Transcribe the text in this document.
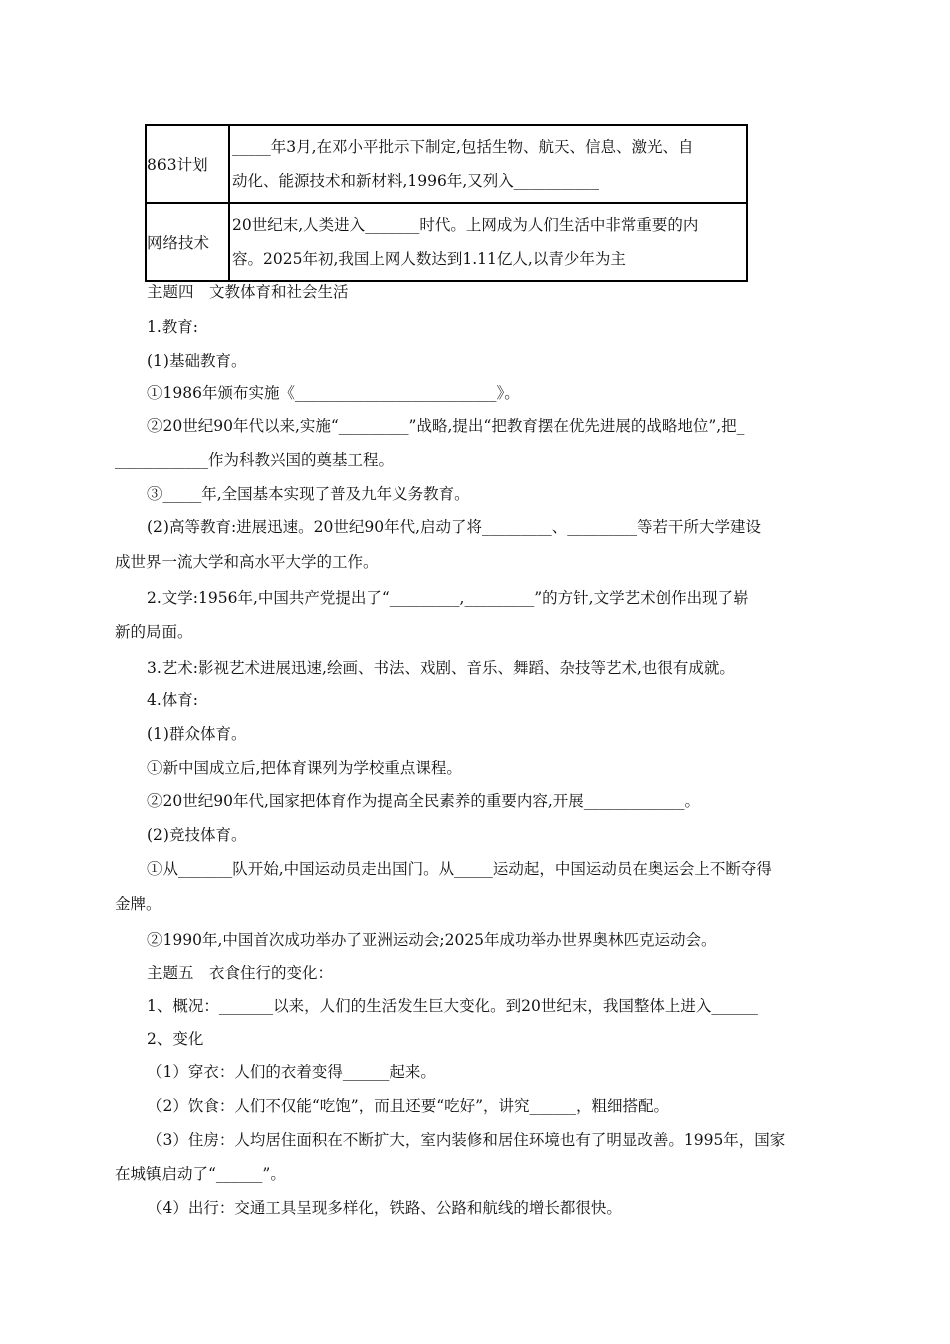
863计划	_____年3月,在邓小平批示下制定,包括生物、航天、信息、激光、自
动化、能源技术和新材料,1996年,又列入___________

网络技术	20世纪末,人类进入_______时代。上网成为人们生活中非常重要的内
容。2025年初,我国上网人数达到1.11亿人,以青少年为主
主题四　文教体育和社会生活
1.教育:
(1)基础教育。
①1986年颁布实施《__________________________》。
②20世纪90年代以来,实施“_________”战略,提出“把教育摆在优先进展的战略地位”,把_
____________作为科教兴国的奠基工程。
③_____年,全国基本实现了普及九年义务教育。
(2)高等教育:进展迅速。20世纪90年代,启动了将_________、_________等若干所大学建设
成世界一流大学和高水平大学的工作。
2.文学:1956年,中国共产党提出了“_________,_________”的方针,文学艺术创作出现了崭
新的局面。
3.艺术:影视艺术进展迅速,绘画、书法、戏剧、音乐、舞蹈、杂技等艺术,也很有成就。
4.体育:
(1)群众体育。
①新中国成立后,把体育课列为学校重点课程。
②20世纪90年代,国家把体育作为提高全民素养的重要内容,开展_____________。
(2)竞技体育。
①从_______队开始,中国运动员走出国门。从_____运动起，中国运动员在奥运会上不断夺得
金牌。
②1990年,中国首次成功举办了亚洲运动会;2025年成功举办世界奥林匹克运动会。
主题五　衣食住行的变化：
1、概况：_______以来，人们的生活发生巨大变化。到20世纪末，我国整体上进入______
2、变化
（1）穿衣：人们的衣着变得______起来。
（2）饮食：人们不仅能“吃饱”，而且还要“吃好”，讲究______，粗细搭配。
（3）住房：人均居住面积在不断扩大，室内装修和居住环境也有了明显改善。1995年，国家
在城镇启动了“______”。
（4）出行：交通工具呈现多样化，铁路、公路和航线的增长都很快。
